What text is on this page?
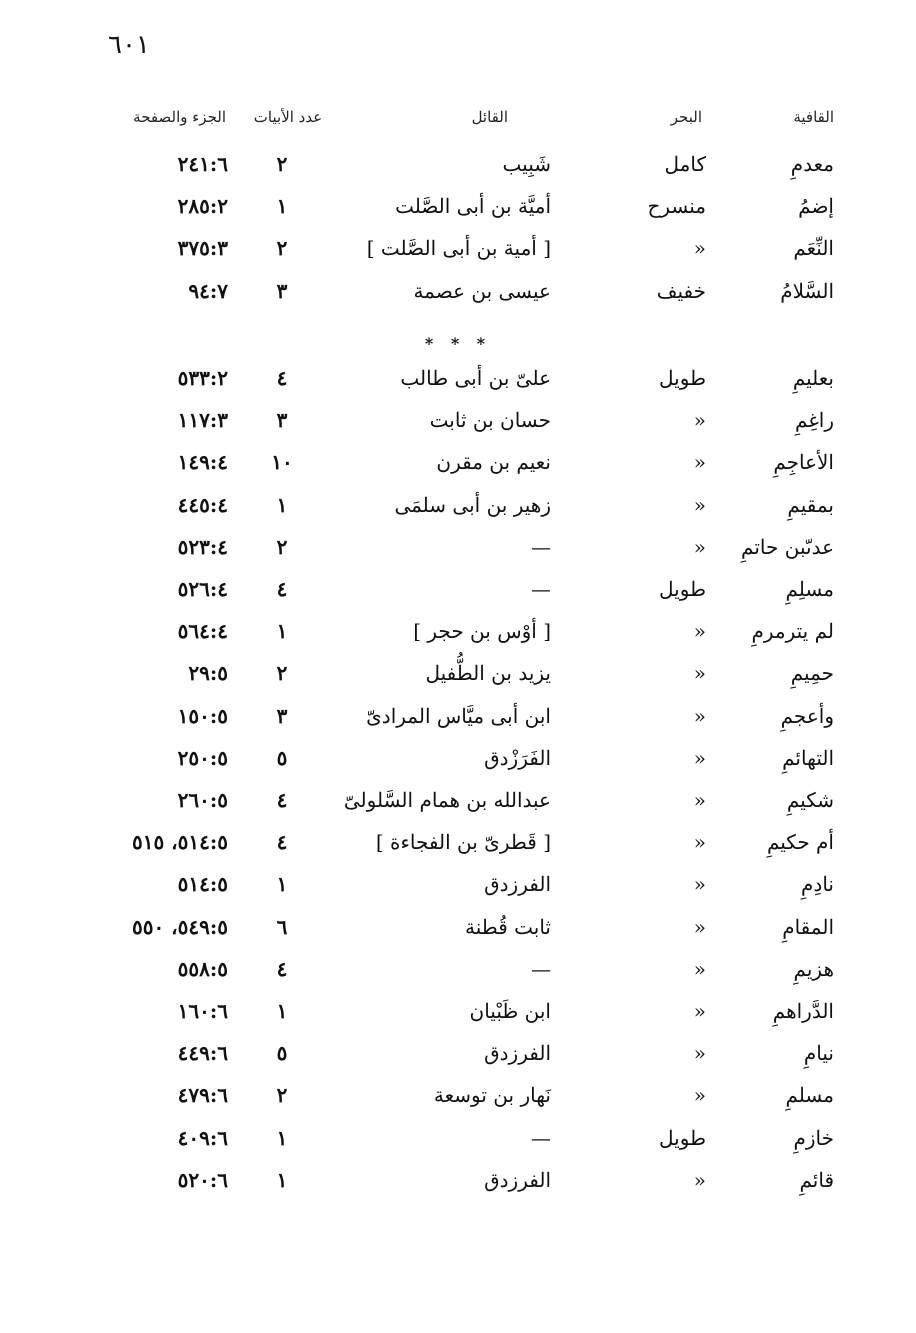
٦٠١
القافية
البحر
القائل
عدد الأبيات
الجزء والصفحة
* * *
معدمِ
كامل
شَبِيب
٢
٢٤١:٦
إضمُ
منسرح
أميَّة بن أبى الصَّلت
١
٢٨٥:٢
النِّعَم
«
[ أمية بن أبى الصَّلت ]
٢
٣٧٥:٣
السَّلامُ
خفيف
عيسى بن عصمة
٣
٩٤:٧
بعليمِ
طويل
علىّ بن أبى طالب
٤
٥٣٣:٢
راغِمِ
«
حسان بن ثابت
٣
١١٧:٣
الأعاجِمِ
«
نعيم بن مقرن
١٠
١٤٩:٤
بمقيمِ
«
زهير بن أبى سلمَى
١
٤٤٥:٤
عدىّبن حاتمِ
«
—
٢
٥٢٣:٤
مسلِمِ
طويل
—
٤
٥٢٦:٤
لم يترمرمِ
«
[ أوْس بن حجر ]
١
٥٦٤:٤
حمِيمِ
«
يزيد بن الطُّفيل
٢
٢٩:٥
وأعجمِ
«
ابن أبى ميَّاس المرادىّ
٣
١٥٠:٥
التهائمِ
«
الفَرَزْدق
٥
٢٥٠:٥
شكيمِ
«
عبدالله بن همام السَّلولىّ
٤
٢٦٠:٥
أم حكيمِ
«
[ قَطرىّ بن الفجاءة ]
٤
٥١٤:٥، ٥١٥
نادِمِ
«
الفرزدق
١
٥١٤:٥
المقامِ
«
ثابت قُطنة
٦
٥٤٩:٥، ٥٥٠
هزيمِ
«
—
٤
٥٥٨:٥
الدَّراهمِ
«
ابن ظَبْيان
١
١٦٠:٦
نيامِ
«
الفرزدق
٥
٤٤٩:٦
مسلمِ
«
نَهار بن توسعة
٢
٤٧٩:٦
خازمِ
طويل
—
١
٤٠٩:٦
قائمِ
«
الفرزدق
١
٥٢٠:٦
